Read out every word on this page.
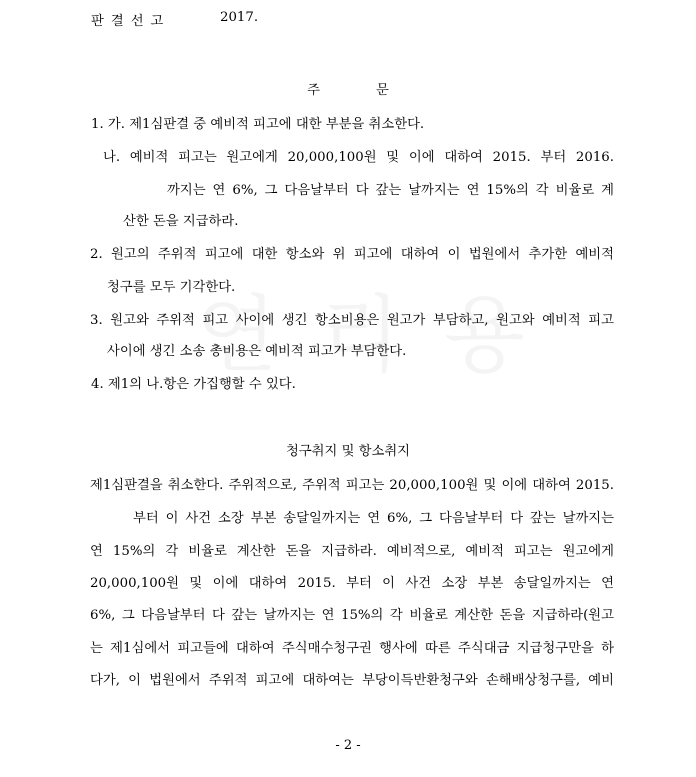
판결선고	2017.
주	문
1. 가. 제1심판결 중 예비적 피고에 대한 부분을 취소한다.
나. 예비적 피고는 원고에게 20,000,100원 및 이에 대하여 2015. 부터 2016.
까지는 연 6%, 그 다음날부터 다 갚는 날까지는 연 15%의 각 비율로 계
산한 돈을 지급하라.
2. 원고의 주위적 피고에 대한 항소와 위 피고에 대하여 이 법원에서 추가한 예비적
청구를 모두 기각한다.
3. 원고와 주위적 피고 사이에 생긴 항소비용은 원고가 부담하고, 원고와 예비적 피고
사이에 생긴 소송 총비용은 예비적 피고가 부담한다.
4. 제1의 나.항은 가집행할 수 있다.
청구취지 및 항소취지
제1심판결을 취소한다. 주위적으로, 주위적 피고는 20,000,100원 및 이에 대하여 2015.
부터 이 사건 소장 부본 송달일까지는 연 6%, 그 다음날부터 다 갚는 날까지는
연 15%의 각 비율로 계산한 돈을 지급하라. 예비적으로, 예비적 피고는 원고에게
20,000,100원 및 이에 대하여 2015. 부터 이 사건 소장 부본 송달일까지는 연
6%, 그 다음날부터 다 갚는 날까지는 연 15%의 각 비율로 계산한 돈을 지급하라(원고
는 제1심에서 피고들에 대하여 주식매수청구권 행사에 따른 주식대금 지급청구만을 하
다가, 이 법원에서 주위적 피고에 대하여는 부당이득반환청구와 손해배상청구를, 예비
- 2 -
